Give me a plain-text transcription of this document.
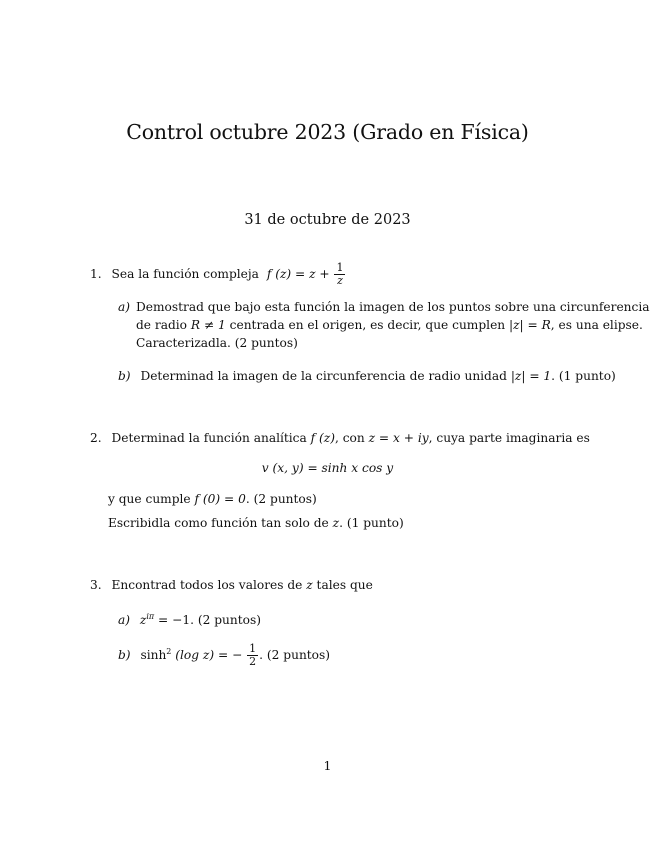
Control octubre 2023 (Grado en Física)
31 de octubre de 2023
1. Sea la función compleja f $(z) = z + \frac{1}{z}$
a) Demostrad que bajo esta función la imagen de los puntos sobre una circunferencia
de radio R ≠ 1 centrada en el origen, es decir, que cumplen |z| = R, es una elipse.
Caracterizadla. (2 puntos)
b) Determinad la imagen de la circunferencia de radio unidad |z| = 1. (1 punto)
2. Determinad la función analítica f (z), con z = x + iy, cuya parte imaginaria es
v (x, y) = sinh x cos y
y que cumple f (0) = 0. (2 puntos)
Escribidla como función tan solo de z. (1 punto)
3. Encontrad todos los valores de z tales que
a) $z^{i\pi} = -1$. (2 puntos)
b) $\sinh^2 (\log$ z) = − $\frac{1}{2}$ . (2 puntos)
1
